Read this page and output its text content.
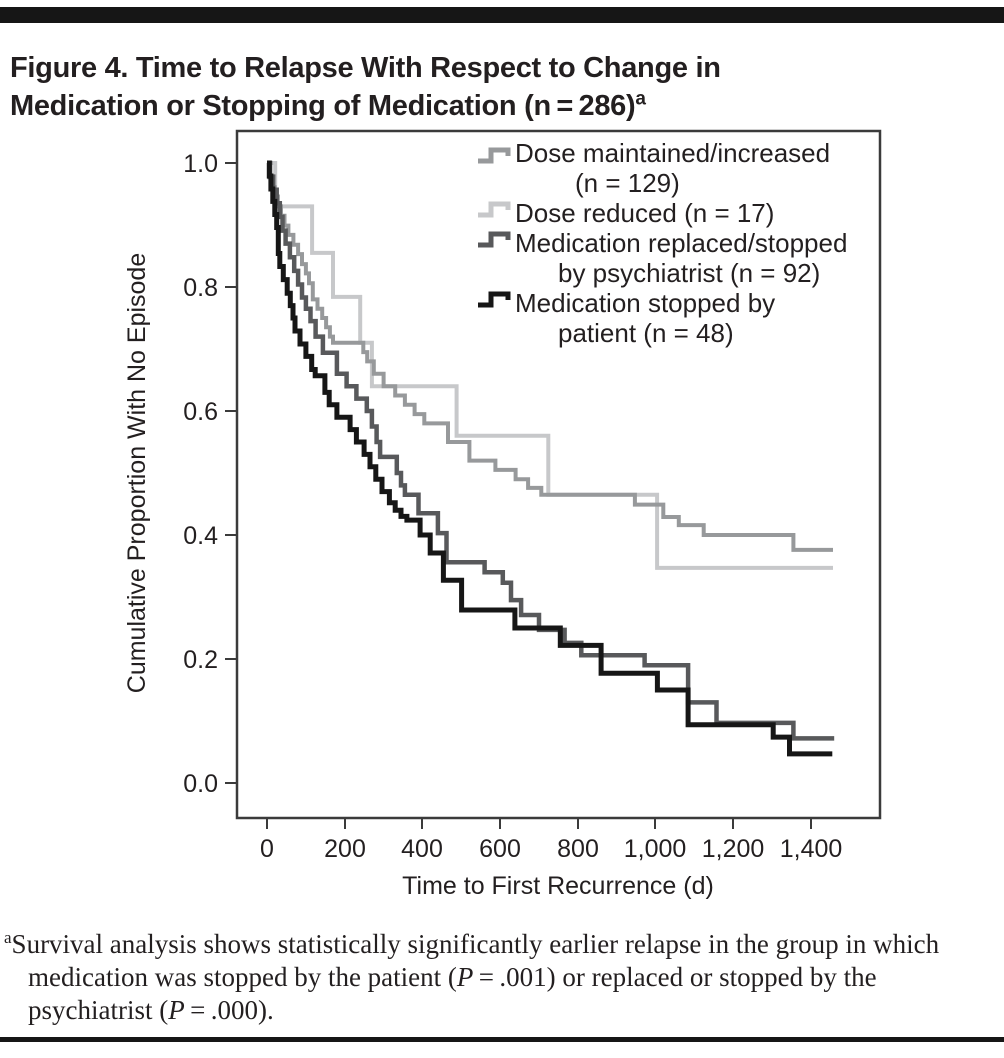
Figure 4. Time to Relapse With Respect to Change in
Medication or Stopping of Medication (n = 286)$^a$
0 200 400 600 800 1,000 1,200 1,400
1.0
0.8
0.6
0.4
0.2
0.0
Time to First Recurrence (d)
Cumulative Proportion With No Episode
Dose maintained/increased
(n = 129)
Dose reduced (n = 17)
Medication replaced/stopped
by psychiatrist (n = 92)
Medication stopped by
patient (n = 48)

$^a$Survival analysis shows statistically significantly earlier relapse in the group in which medication was stopped by the patient (P = .001) or replaced or stopped by the psychiatrist (P = .000).
